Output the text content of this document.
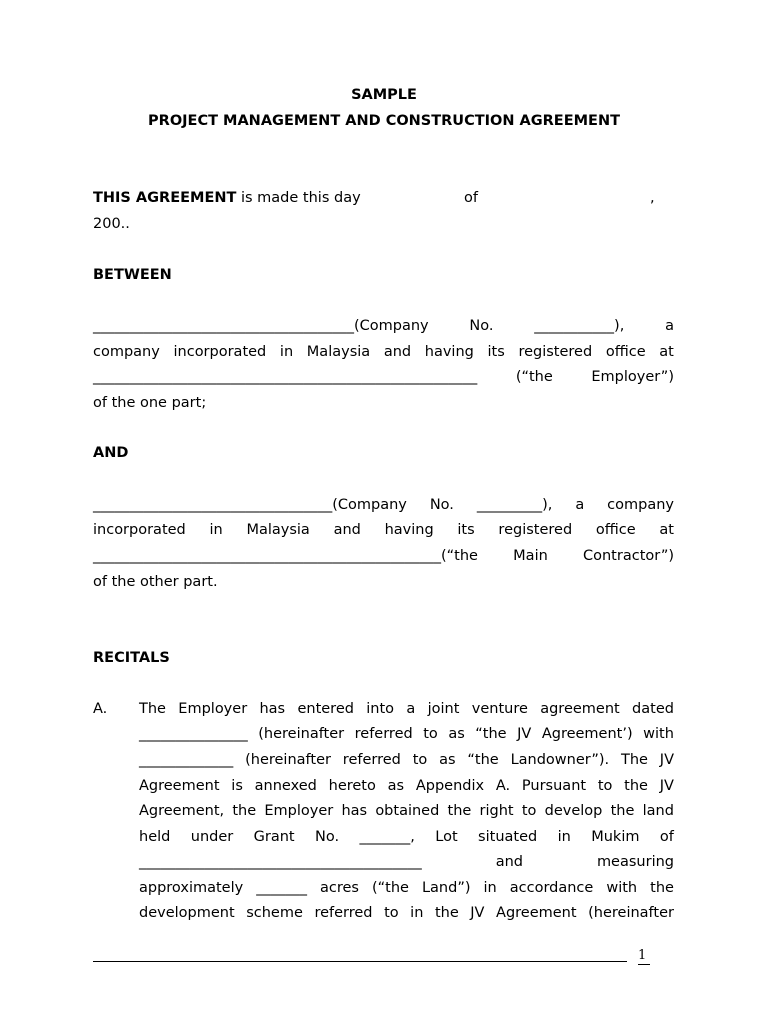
SAMPLE
PROJECT MANAGEMENT AND CONSTRUCTION AGREEMENT
THIS AGREEMENT is made this day	of	,
200..
BETWEEN
____________________________________(Company	No.	___________),	a
company incorporated in Malaysia and having its registered office at
_____________________________________________________	(“the	Employer”)
of the one part;
AND
_________________________________(Company No. _________), a company
incorporated in Malaysia and having its registered office at
________________________________________________(“the Main Contractor”)
of the other part.
RECITALS
A. The Employer has entered into a joint venture agreement dated
_______________ (hereinafter referred to as “the JV Agreement’) with
_____________ (hereinafter referred to as “the Landowner”). The JV
Agreement is annexed hereto as Appendix A. Pursuant to the JV
Agreement, the Employer has obtained the right to develop the land
held under Grant No. _______, Lot situated in Mukim of
_______________________________________	and	measuring
approximately _______ acres (“the Land”) in accordance with the
development scheme referred to in the JV Agreement (hereinafter
1
